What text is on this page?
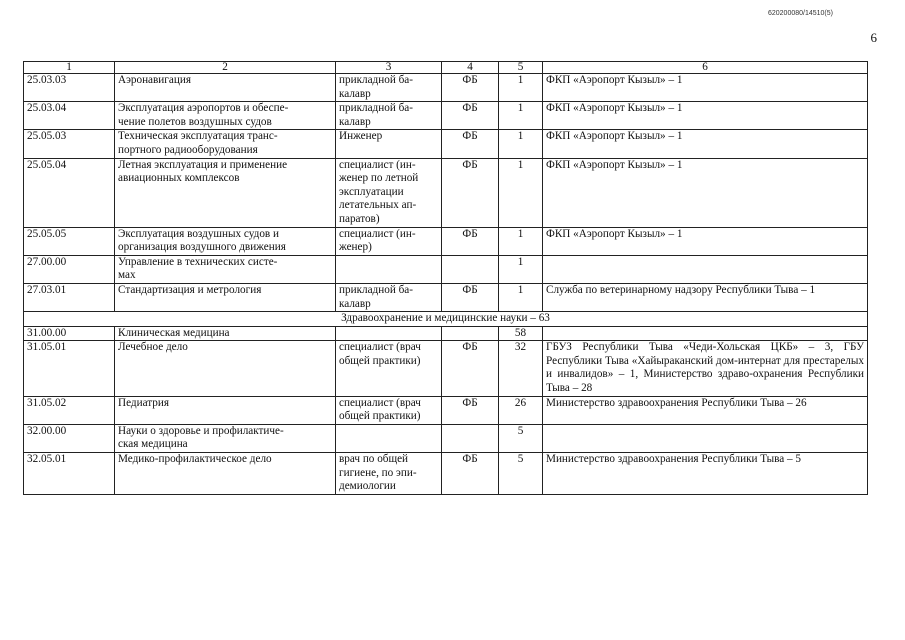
620200080/14510(5)
6
1	2	3	4	5	6
25.03.03	Аэронавигация	прикладной ба-
калавр	ФБ	1	ФКП «Аэропорт Кызыл» – 1
25.03.04	Эксплуатация аэропортов и обеспе-
чение полетов воздушных судов	прикладной ба-
калавр	ФБ	1	ФКП «Аэропорт Кызыл» – 1
25.05.03	Техническая эксплуатация транс-
портного радиооборудования	Инженер	ФБ	1	ФКП «Аэропорт Кызыл» – 1
25.05.04	Летная эксплуатация и применение
авиационных комплексов	специалист (ин-
женер по летной
эксплуатации
летательных ап-
паратов)	ФБ	1	ФКП «Аэропорт Кызыл» – 1
25.05.05	Эксплуатация воздушных судов и
организация воздушного движения	специалист (ин-
женер)	ФБ	1	ФКП «Аэропорт Кызыл» – 1
27.00.00	Управление в технических систе-
мах			1	
27.03.01	Стандартизация и метрология	прикладной ба-
калавр	ФБ	1	Служба по ветеринарному надзору Республики Тыва – 1
Здравоохранение и медицинские науки – 63					
31.00.00	Клиническая медицина			58	
31.05.01	Лечебное дело	специалист (врач
общей практики)	ФБ	32	ГБУЗ Республики Тыва «Чеди-Хольская ЦКБ» – 3, ГБУ Республики Тыва «Хайыраканский дом-интернат для престарелых и инвалидов» – 1, Министерство здраво-охранения Республики Тыва – 28
31.05.02	Педиатрия	специалист (врач
общей практики)	ФБ	26	Министерство здравоохранения Республики Тыва – 26
32.00.00	Науки о здоровье и профилактиче-
ская медицина			5	
32.05.01	Медико-профилактическое дело	врач по общей
гигиене, по эпи-
демиологии	ФБ	5	Министерство здравоохранения Республики Тыва – 5
